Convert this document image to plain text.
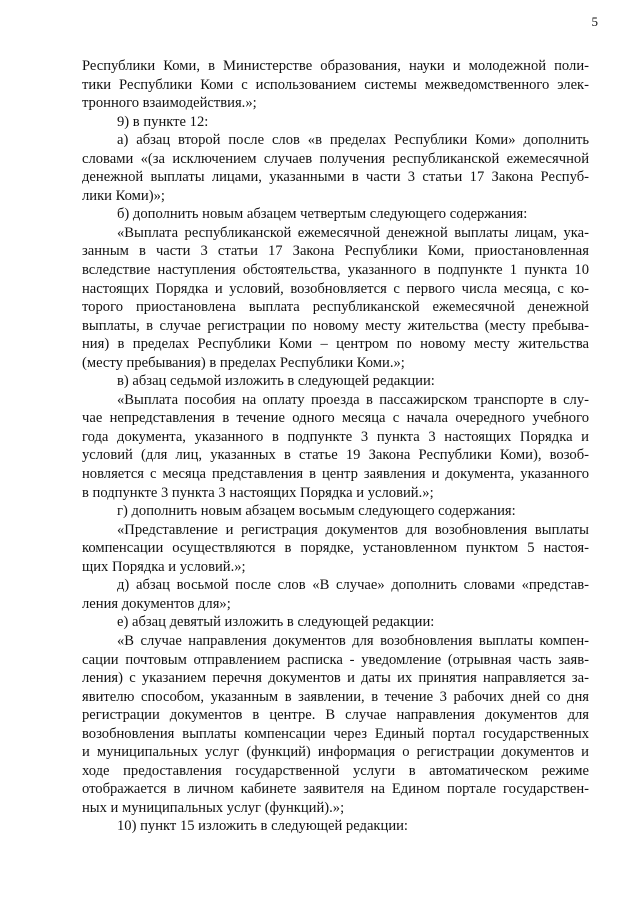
5
Республики Коми, в Министерстве образования, науки и молодежной поли-
тики Республики Коми с использованием системы межведомственного элек-
тронного взаимодействия.»;
9) в пункте 12:
а) абзац второй после слов «в пределах Республики Коми» дополнить
словами «(за исключением случаев получения республиканской ежемесячной
денежной выплаты лицами, указанными в части 3 статьи 17 Закона Респуб-
лики Коми)»;
б) дополнить новым абзацем четвертым следующего содержания:
«Выплата республиканской ежемесячной денежной выплаты лицам, ука-
занным в части 3 статьи 17 Закона Республики Коми, приостановленная
вследствие наступления обстоятельства, указанного в подпункте 1 пункта 10
настоящих Порядка и условий, возобновляется с первого числа месяца, с ко-
торого приостановлена выплата республиканской ежемесячной денежной
выплаты, в случае регистрации по новому месту жительства (месту пребыва-
ния) в пределах Республики Коми – центром по новому месту жительства
(месту пребывания) в пределах Республики Коми.»;
в) абзац седьмой изложить в следующей редакции:
«Выплата пособия на оплату проезда в пассажирском транспорте в слу-
чае непредставления в течение одного месяца с начала очередного учебного
года документа, указанного в подпункте 3 пункта 3 настоящих Порядка и
условий (для лиц, указанных в статье 19 Закона Республики Коми), возоб-
новляется с месяца представления в центр заявления и документа, указанного
в подпункте 3 пункта 3 настоящих Порядка и условий.»;
г) дополнить новым абзацем восьмым следующего содержания:
«Представление и регистрация документов для возобновления выплаты
компенсации осуществляются в порядке, установленном пунктом 5 настоя-
щих Порядка и условий.»;
д) абзац восьмой после слов «В случае» дополнить словами «представ-
ления документов для»;
е) абзац девятый изложить в следующей редакции:
«В случае направления документов для возобновления выплаты компен-
сации почтовым отправлением расписка - уведомление (отрывная часть заяв-
ления) с указанием перечня документов и даты их принятия направляется за-
явителю способом, указанным в заявлении, в течение 3 рабочих дней со дня
регистрации документов в центре. В случае направления документов для
возобновления выплаты компенсации через Единый портал государственных
и муниципальных услуг (функций) информация о регистрации документов и
ходе предоставления государственной услуги в автоматическом режиме
отображается в личном кабинете заявителя на Едином портале государствен-
ных и муниципальных услуг (функций).»;
10) пункт 15 изложить в следующей редакции:
